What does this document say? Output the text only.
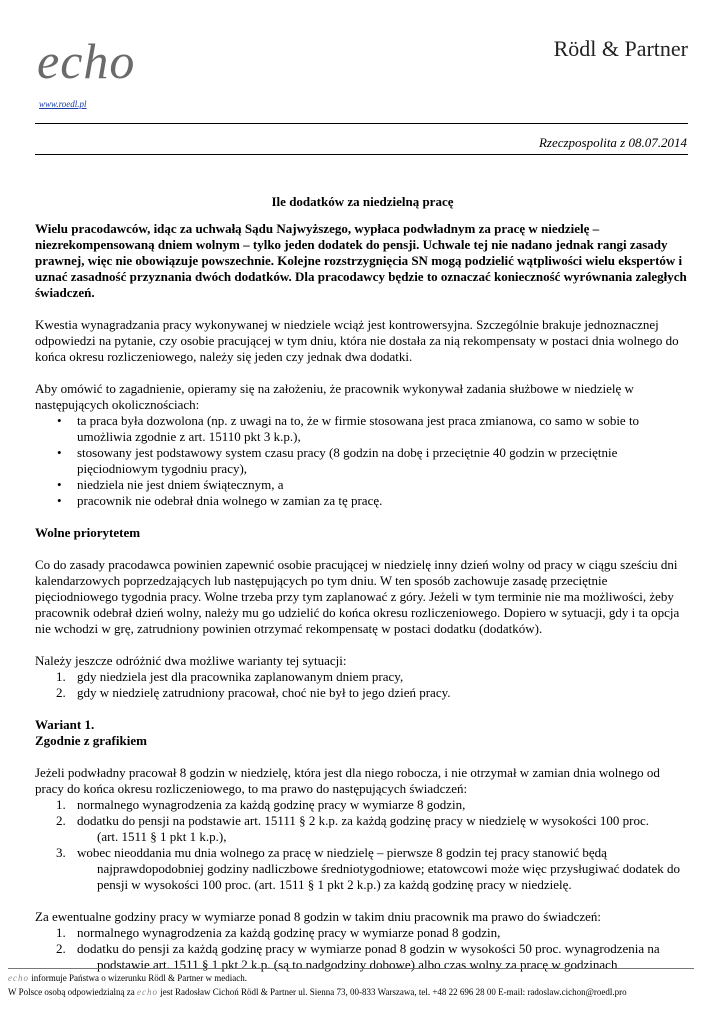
echo
www.roedl.pl
Rödl & Partner
Rzeczpospolita z 08.07.2014
Ile dodatków za niedzielną pracę

Wielu pracodawców, idąc za uchwałą Sądu Najwyższego, wypłaca podwładnym za pracę w niedzielę – niezrekompensowaną dniem wolnym – tylko jeden dodatek do pensji. Uchwale tej nie nadano jednak rangi zasady prawnej, więc nie obowiązuje powszechnie. Kolejne rozstrzygnięcia SN mogą podzielić wątpliwości wielu ekspertów i uznać zasadność przyznania dwóch dodatków. Dla pracodawcy będzie to oznaczać konieczność wyrównania zaległych świadczeń.

Kwestia wynagradzania pracy wykonywanej w niedziele wciąż jest kontrowersyjna. Szczególnie brakuje jednoznacznej odpowiedzi na pytanie, czy osobie pracującej w tym dniu, która nie dostała za nią rekompensaty w postaci dnia wolnego do końca okresu rozliczeniowego, należy się jeden czy jednak dwa dodatki.

Aby omówić to zagadnienie, opieramy się na założeniu, że pracownik wykonywał zadania służbowe w niedzielę w następujących okolicznościach:

• ta praca była dozwolona (np. z uwagi na to, że w firmie stosowana jest praca zmianowa, co samo w sobie to
umożliwia zgodnie z art. 15110 pkt 3 k.p.),
• stosowany jest podstawowy system czasu pracy (8 godzin na dobę i przeciętnie 40 godzin w przeciętnie
pięciodniowym tygodniu pracy),
• niedziela nie jest dniem świątecznym, a
• pracownik nie odebrał dnia wolnego w zamian za tę pracę.
Wolne priorytetem

Co do zasady pracodawca powinien zapewnić osobie pracującej w niedzielę inny dzień wolny od pracy w ciągu sześciu dni kalendarzowych poprzedzających lub następujących po tym dniu. W ten sposób zachowuje zasadę przeciętnie pięciodniowego tygodnia pracy. Wolne trzeba przy tym zaplanować z góry. Jeżeli w tym terminie nie ma możliwości, żeby pracownik odebrał dzień wolny, należy mu go udzielić do końca okresu rozliczeniowego. Dopiero w sytuacji, gdy i ta opcja nie wchodzi w grę, zatrudniony powinien otrzymać rekompensatę w postaci dodatku (dodatków).

Należy jeszcze odróżnić dwa możliwe warianty tej sytuacji:

1. gdy niedziela jest dla pracownika zaplanowanym dniem pracy,
2. gdy w niedzielę zatrudniony pracował, choć nie był to jego dzień pracy.
Wariant 1.
Zgodnie z grafikiem

Jeżeli podwładny pracował 8 godzin w niedzielę, która jest dla niego robocza, i nie otrzymał w zamian dnia wolnego od pracy do końca okresu rozliczeniowego, to ma prawo do następujących świadczeń:

1. normalnego wynagrodzenia za każdą godzinę pracy w wymiarze 8 godzin,
2. dodatku do pensji na podstawie art. 15111 § 2 k.p. za każdą godzinę pracy w niedzielę w wysokości 100 proc.

(art. 1511 § 1 pkt 1 k.p.),
3. wobec nieoddania mu dnia wolnego za pracę w niedzielę – pierwsze 8 godzin tej pracy stanowić będą

najprawdopodobniej godziny nadliczbowe średniotygodniowe; etatowcowi może więc przysługiwać dodatek do pensji w wysokości 100 proc. (art. 1511 § 1 pkt 2 k.p.) za każdą godzinę pracy w niedzielę.

Za ewentualne godziny pracy w wymiarze ponad 8 godzin w takim dniu pracownik ma prawo do świadczeń:

1. normalnego wynagrodzenia za każdą godzinę pracy w wymiarze ponad 8 godzin,
2. dodatku do pensji za każdą godzinę pracy w wymiarze ponad 8 godzin w wysokości 50 proc. wynagrodzenia na

podstawie art. 1511 § 1 pkt 2 k.p. (są to nadgodziny dobowe) albo czas wolny za pracę w godzinach
echo informuje Państwa o wizerunku Rödl & Partner w mediach.
W Polsce osobą odpowiedzialną za echo jest Radosław Cichoń Rödl & Partner ul. Sienna 73, 00-833 Warszawa, tel. +48 22 696 28 00 E-mail: radoslaw.cichon@roedl.pro
